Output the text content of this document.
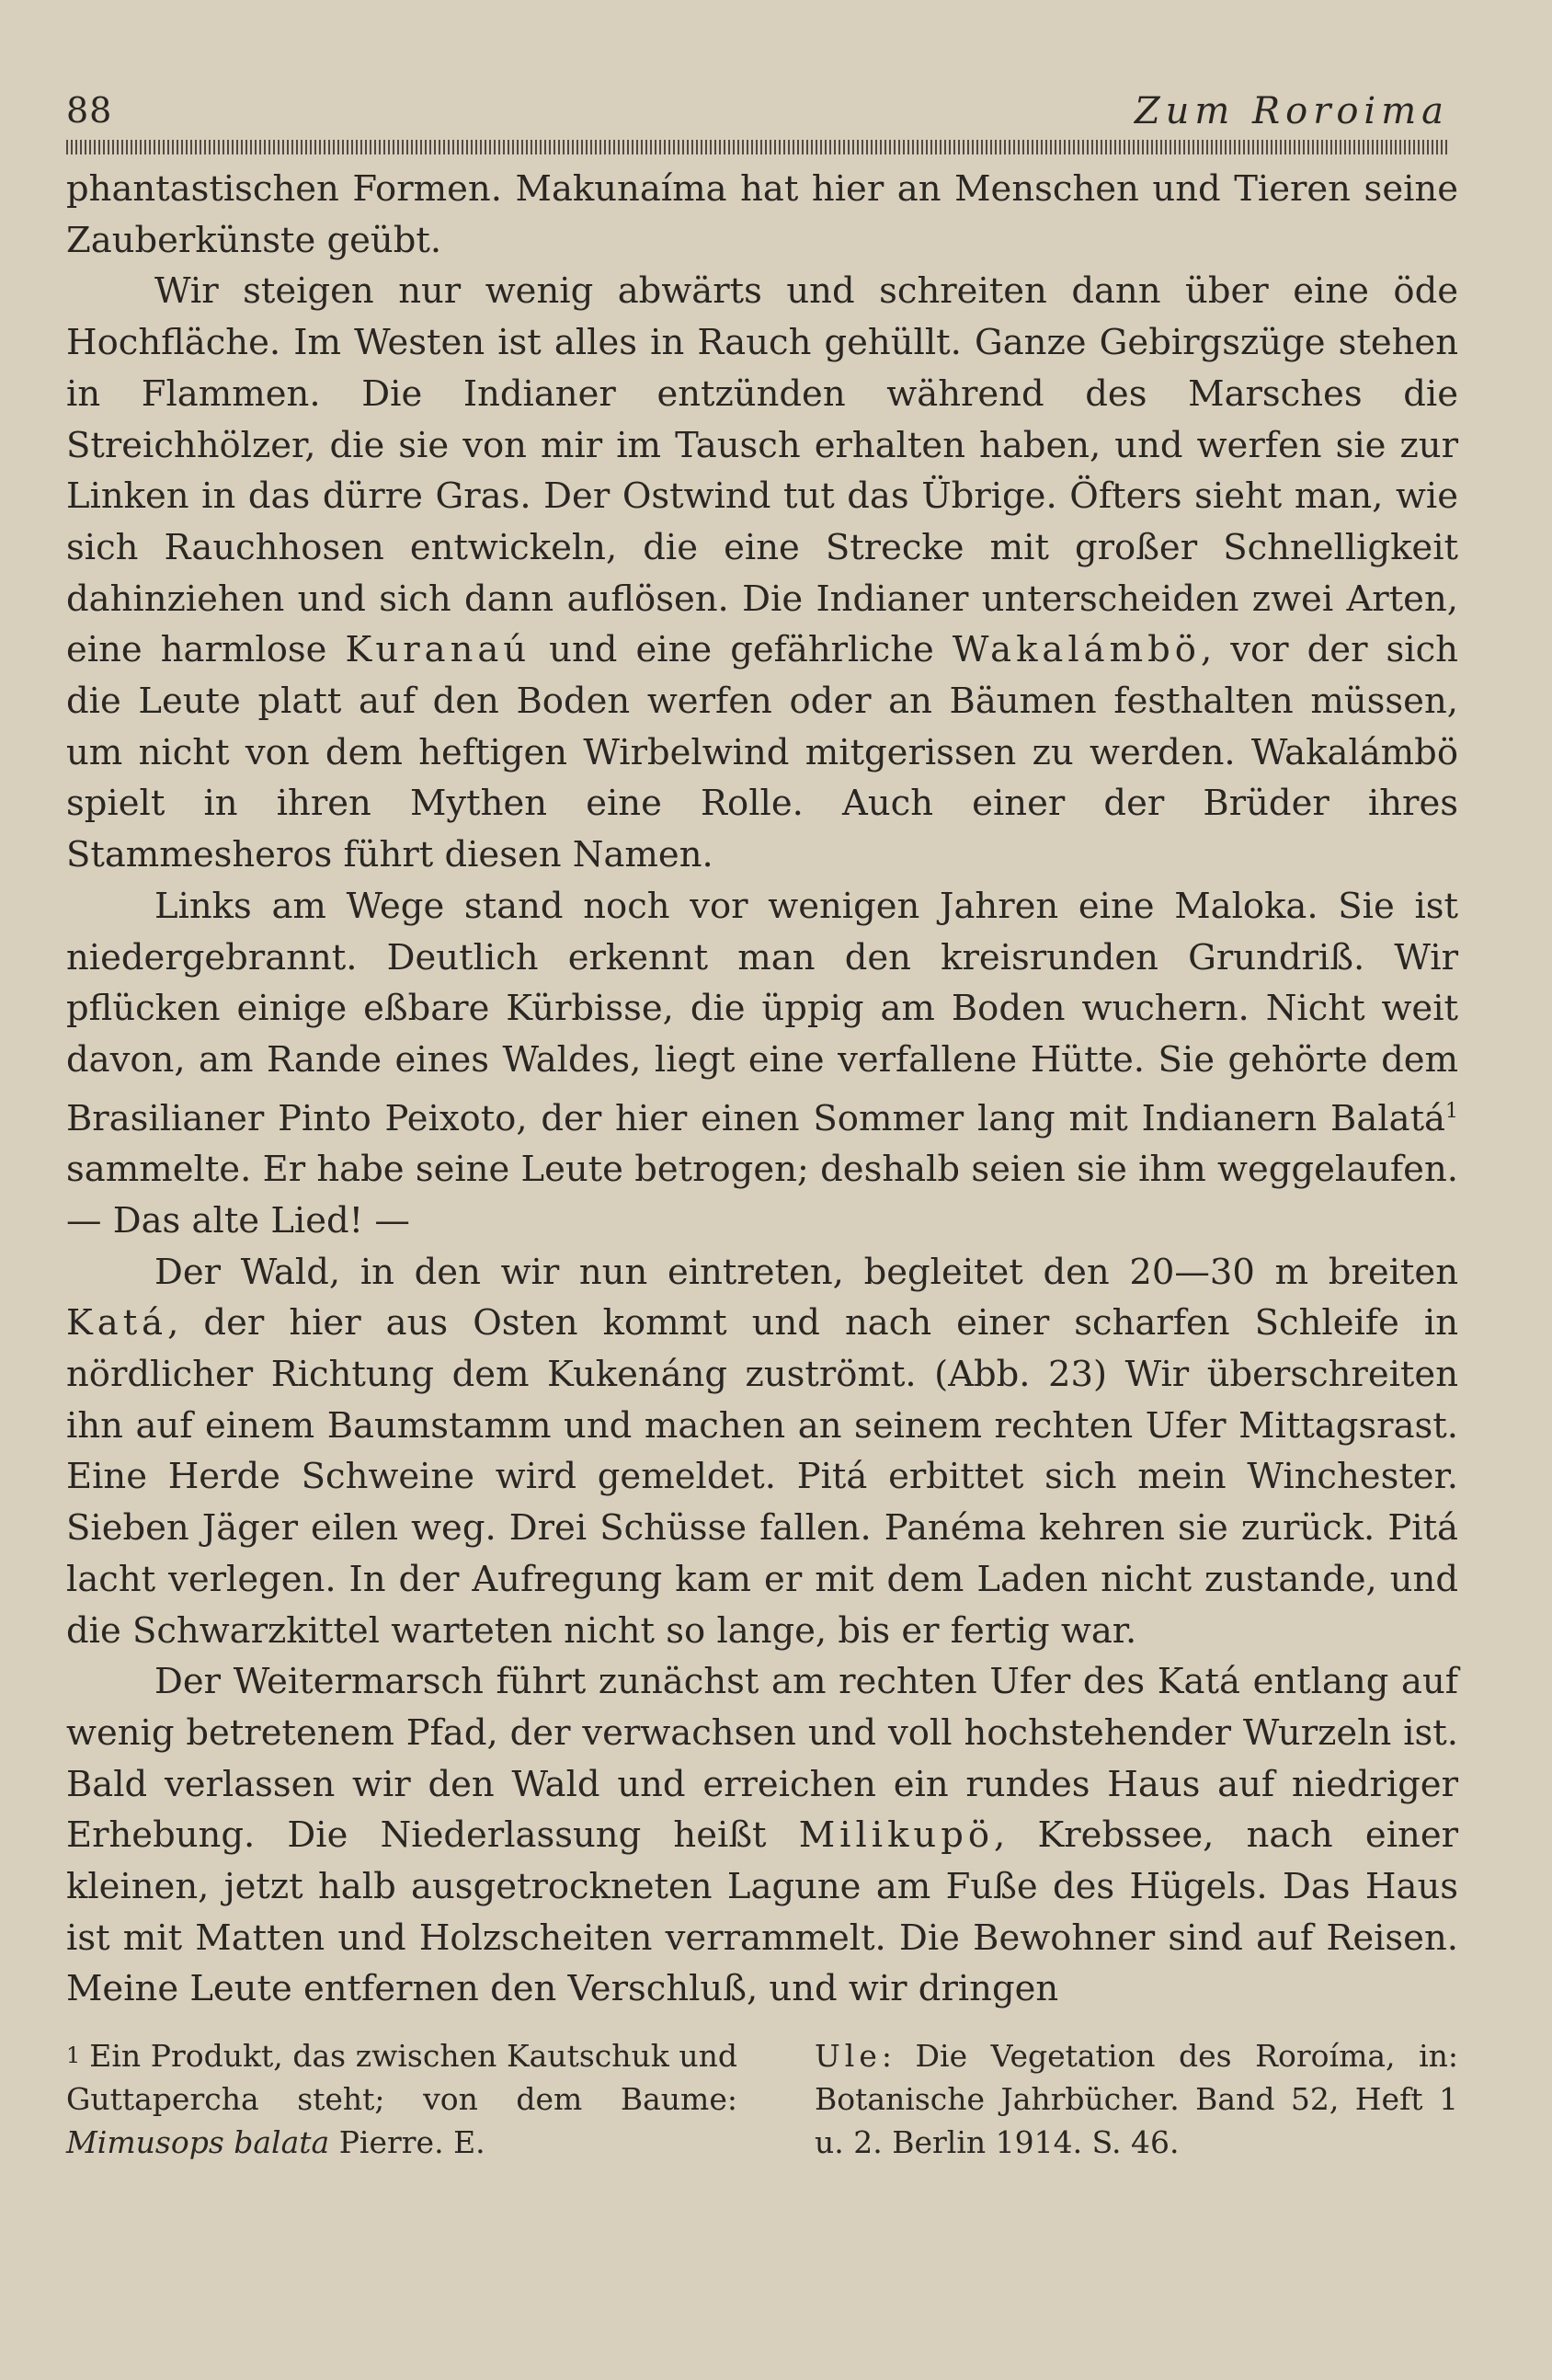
88	Zum Roroima

phantastischen Formen. Makunaíma hat hier an Menschen und Tieren seine Zauberkünste geübt.

Wir steigen nur wenig abwärts und schreiten dann über eine öde Hochfläche. Im Westen ist alles in Rauch gehüllt. Ganze Gebirgszüge stehen in Flammen. Die Indianer entzünden während des Marsches die Streichhölzer, die sie von mir im Tausch erhalten haben, und werfen sie zur Linken in das dürre Gras. Der Ostwind tut das Übrige. Öfters sieht man, wie sich Rauchhosen entwickeln, die eine Strecke mit großer Schnelligkeit dahinziehen und sich dann auflösen. Die Indianer unterscheiden zwei Arten, eine harmlose Kuranaú und eine gefährliche Wakalámbö, vor der sich die Leute platt auf den Boden werfen oder an Bäumen festhalten müssen, um nicht von dem heftigen Wirbelwind mitgerissen zu werden. Wakalámbö spielt in ihren Mythen eine Rolle. Auch einer der Brüder ihres Stammesheros führt diesen Namen.

Links am Wege stand noch vor wenigen Jahren eine Maloka. Sie ist niedergebrannt. Deutlich erkennt man den kreisrunden Grundriß. Wir pflücken einige eßbare Kürbisse, die üppig am Boden wuchern. Nicht weit davon, am Rande eines Waldes, liegt eine verfallene Hütte. Sie gehörte dem Brasilianer Pinto Peixoto, der hier einen Sommer lang mit Indianern Balatá$^1$ sammelte. Er habe seine Leute betrogen; deshalb seien sie ihm weggelaufen. — Das alte Lied! —

Der Wald, in den wir nun eintreten, begleitet den 20—30 m breiten Katá, der hier aus Osten kommt und nach einer scharfen Schleife in nördlicher Richtung dem Kukenáng zuströmt. (Abb. 23) Wir überschreiten ihn auf einem Baumstamm und machen an seinem rechten Ufer Mittagsrast. Eine Herde Schweine wird gemeldet. Pitá erbittet sich mein Winchester. Sieben Jäger eilen weg. Drei Schüsse fallen. Panéma kehren sie zurück. Pitá lacht verlegen. In der Aufregung kam er mit dem Laden nicht zustande, und die Schwarzkittel warteten nicht so lange, bis er fertig war.

Der Weitermarsch führt zunächst am rechten Ufer des Katá entlang auf wenig betretenem Pfad, der verwachsen und voll hochstehender Wurzeln ist. Bald verlassen wir den Wald und erreichen ein rundes Haus auf niedriger Erhebung. Die Niederlassung heißt Milikupö, Krebssee, nach einer kleinen, jetzt halb ausgetrockneten Lagune am Fuße des Hügels. Das Haus ist mit Matten und Holzscheiten verrammelt. Die Bewohner sind auf Reisen. Meine Leute entfernen den Verschluß, und wir dringen

$^1$ Ein Produkt, das zwischen Kautschuk und Guttapercha steht; von dem Baume: Mimusops balata Pierre. E.
Ule: Die Vegetation des Roroíma, in: Botanische Jahrbücher. Band 52, Heft 1 u. 2. Berlin 1914. S. 46.
